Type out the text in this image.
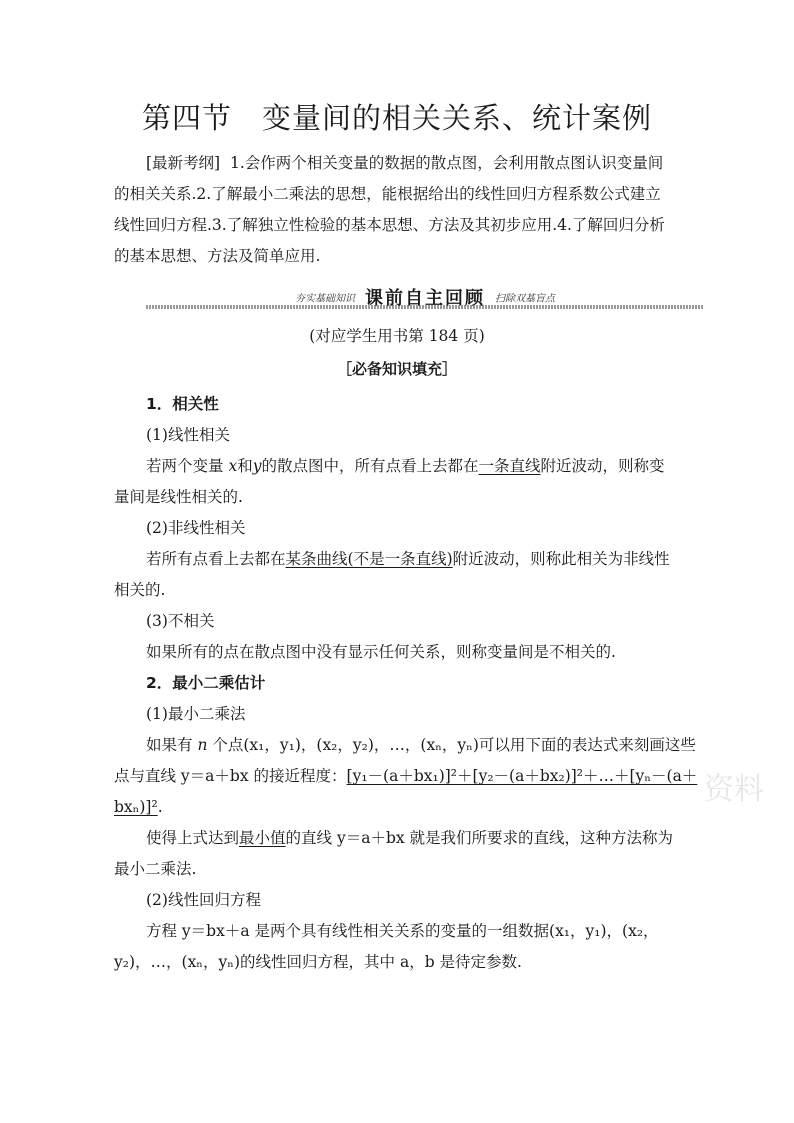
第四节 变量间的相关关系、统计案例
[最新考纲] 1.会作两个相关变量的数据的散点图，会利用散点图认识变量间
的相关关系.2.了解最小二乘法的思想，能根据给出的线性回归方程系数公式建立
线性回归方程.3.了解独立性检验的基本思想、方法及其初步应用.4.了解回归分析
的基本思想、方法及简单应用.
夯实基础知识 课前自主回顾 扫除双基盲点
(对应学生用书第 184 页)
［必备知识填充］
1．相关性
(1)线性相关
若两个变量 x和y的散点图中，所有点看上去都在一条直线附近波动，则称变
量间是线性相关的.
(2)非线性相关
若所有点看上去都在某条曲线(不是一条直线)附近波动，则称此相关为非线性
相关的.
(3)不相关
如果所有的点在散点图中没有显示任何关系，则称变量间是不相关的.
2．最小二乘估计
(1)最小二乘法
如果有 n 个点(x₁，y₁)，(x₂，y₂)，…，(xₙ，yₙ)可以用下面的表达式来刻画这些
点与直线 y＝a＋bx 的接近程度：[y₁－(a＋bx₁)]²＋[y₂－(a＋bx₂)]²＋…＋[yₙ－(a＋
bxₙ)]².
使得上式达到最小值的直线 y＝a＋bx 就是我们所要求的直线，这种方法称为
最小二乘法.
(2)线性回归方程
方程 y＝bx＋a 是两个具有线性相关关系的变量的一组数据(x₁，y₁)，(x₂，
y₂)，…，(xₙ，yₙ)的线性回归方程，其中 a，b 是待定参数.
资料
